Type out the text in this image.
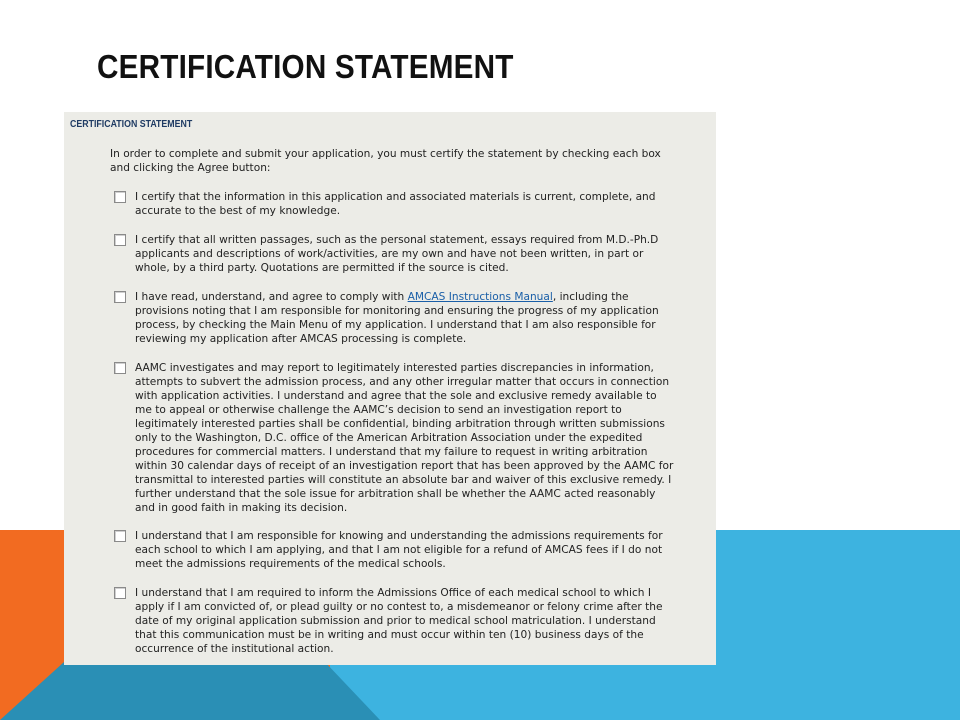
CERTIFICATION STATEMENT
CERTIFICATION STATEMENT

In order to complete and submit your application, you must certify the statement by checking each box and clicking the Agree button:

I certify that the information in this application and associated materials is current, complete, and accurate to the best of my knowledge.

I certify that all written passages, such as the personal statement, essays required from M.D.-Ph.D applicants and descriptions of work/activities, are my own and have not been written, in part or whole, by a third party. Quotations are permitted if the source is cited.

I have read, understand, and agree to comply with AMCAS Instructions Manual, including the provisions noting that I am responsible for monitoring and ensuring the progress of my application process, by checking the Main Menu of my application. I understand that I am also responsible for reviewing my application after AMCAS processing is complete.

AAMC investigates and may report to legitimately interested parties discrepancies in information, attempts to subvert the admission process, and any other irregular matter that occurs in connection with application activities. I understand and agree that the sole and exclusive remedy available to me to appeal or otherwise challenge the AAMC’s decision to send an investigation report to legitimately interested parties shall be confidential, binding arbitration through written submissions only to the Washington, D.C. office of the American Arbitration Association under the expedited procedures for commercial matters. I understand that my failure to request in writing arbitration within 30 calendar days of receipt of an investigation report that has been approved by the AAMC for transmittal to interested parties will constitute an absolute bar and waiver of this exclusive remedy. I further understand that the sole issue for arbitration shall be whether the AAMC acted reasonably and in good faith in making its decision.

I understand that I am responsible for knowing and understanding the admissions requirements for each school to which I am applying, and that I am not eligible for a refund of AMCAS fees if I do not meet the admissions requirements of the medical schools.

I understand that I am required to inform the Admissions Office of each medical school to which I apply if I am convicted of, or plead guilty or no contest to, a misdemeanor or felony crime after the date of my original application submission and prior to medical school matriculation. I understand that this communication must be in writing and must occur within ten (10) business days of the occurrence of the institutional action.
